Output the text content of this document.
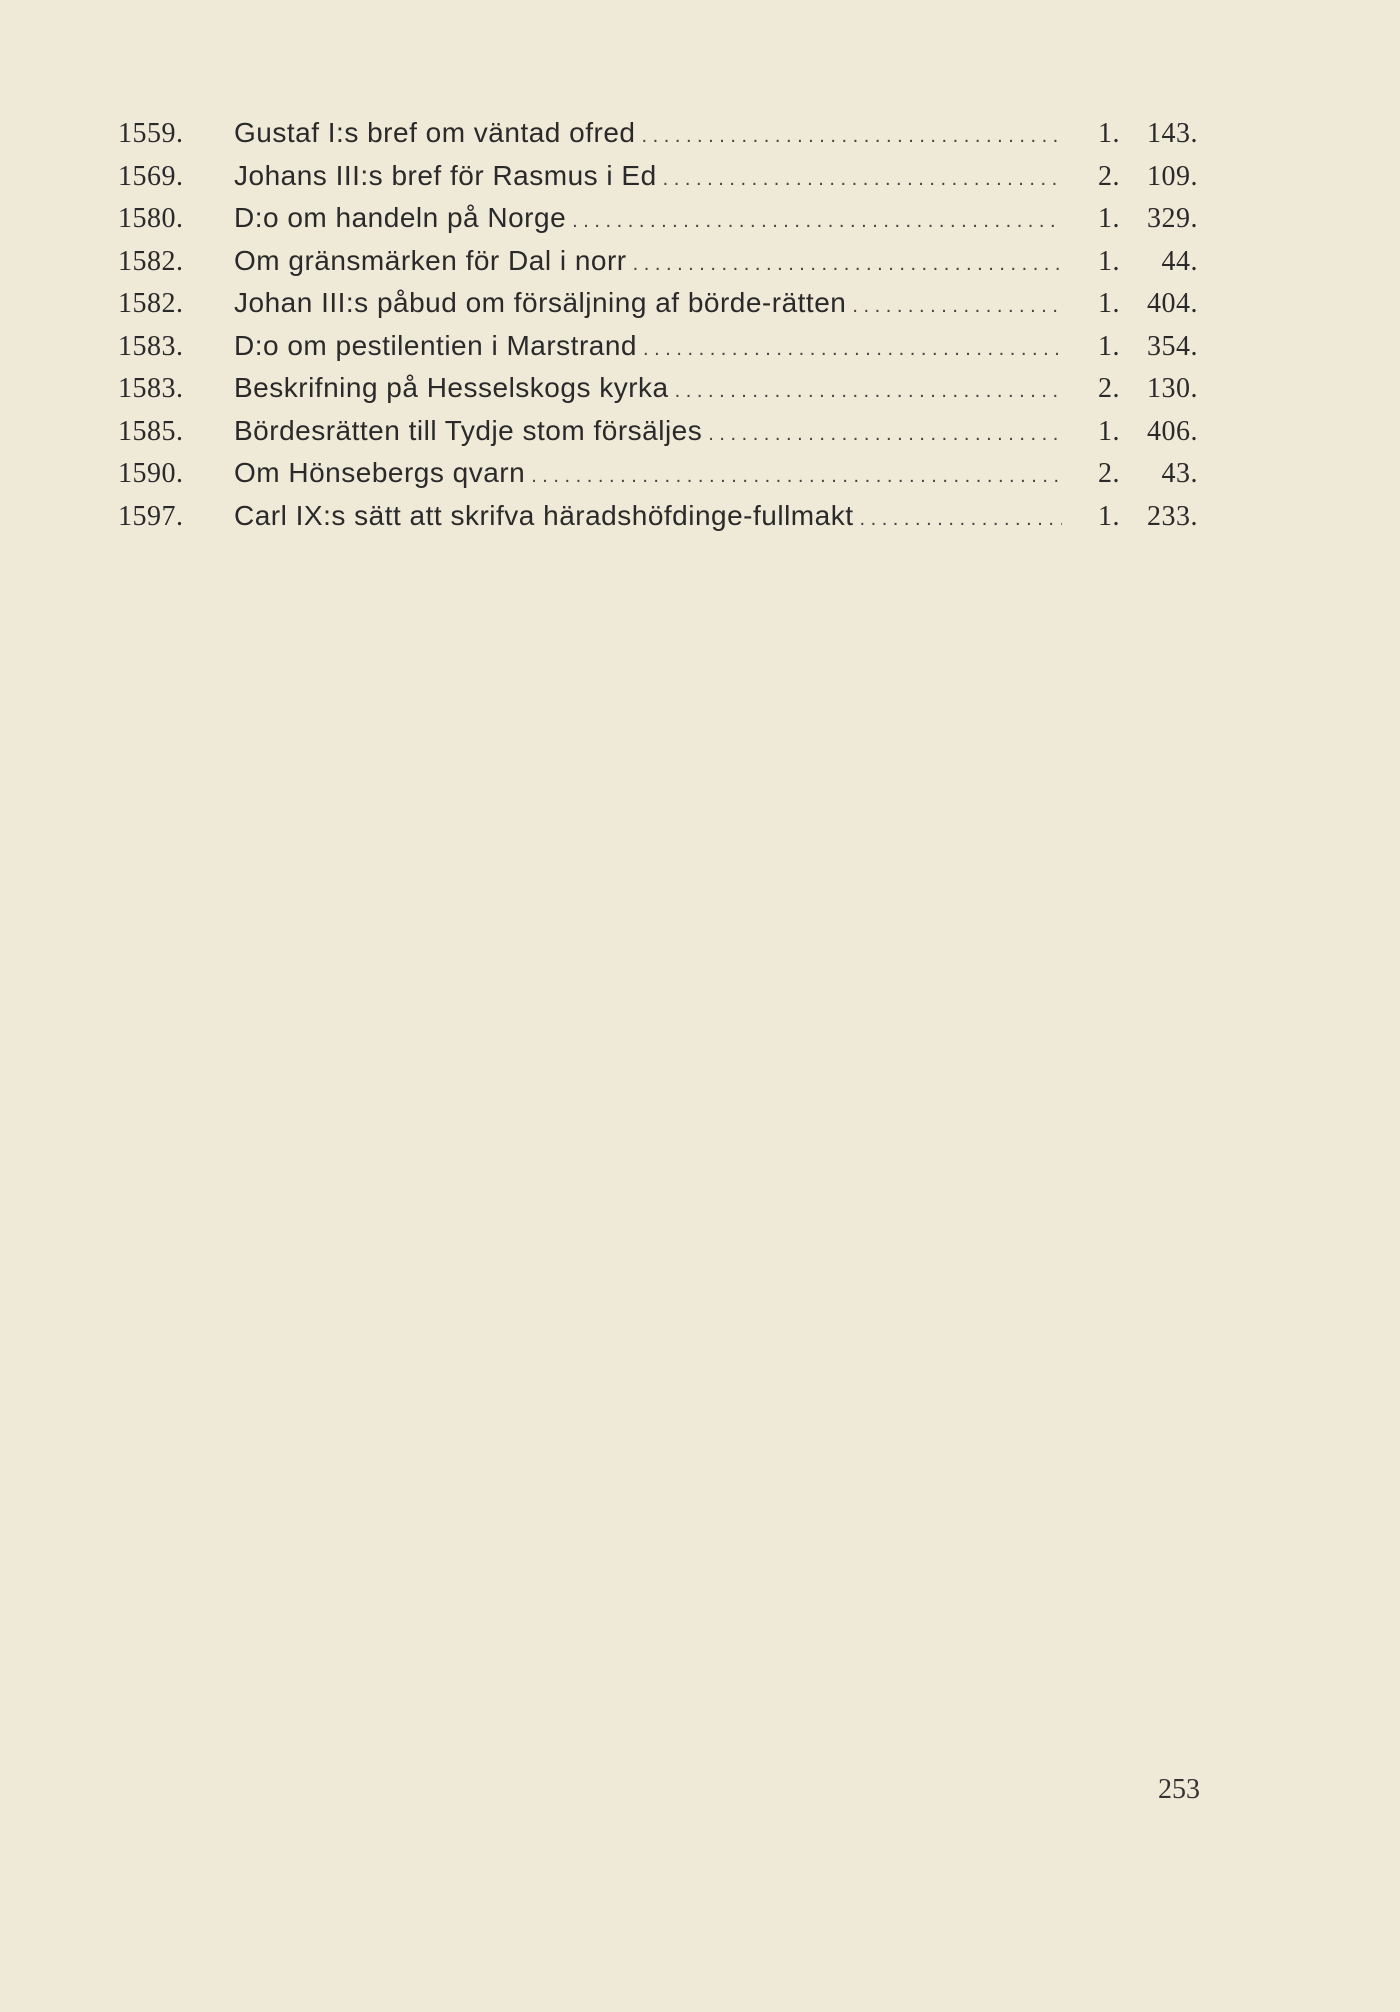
1559.	Gustaf I:s bref om väntad ofred . . .	1. 143.
1569.	Johans III:s bref för Rasmus i Ed . . .	2. 109.
1580.	D:o om handeln på Norge . . .	1. 329.
1582.	Om gränsmärken för Dal i norr . . .	1.	44.
1582.	Johan III:s påbud om försäljning af börde-rätten . . .	1. 404.
1583.	D:o om pestilentien i Marstrand . . .	1. 354.
1583.	Beskrifning på Hesselskogs kyrka . . .	2. 130.
1585.	Bördesrätten till Tydje stom försäljes . . .	1. 406.
1590.	Om Hönsebergs qvarn . . .	2.	43.
1597.	Carl IX:s sätt att skrifva häradshöfdinge-fullmakt . . .	1. 233.
253
